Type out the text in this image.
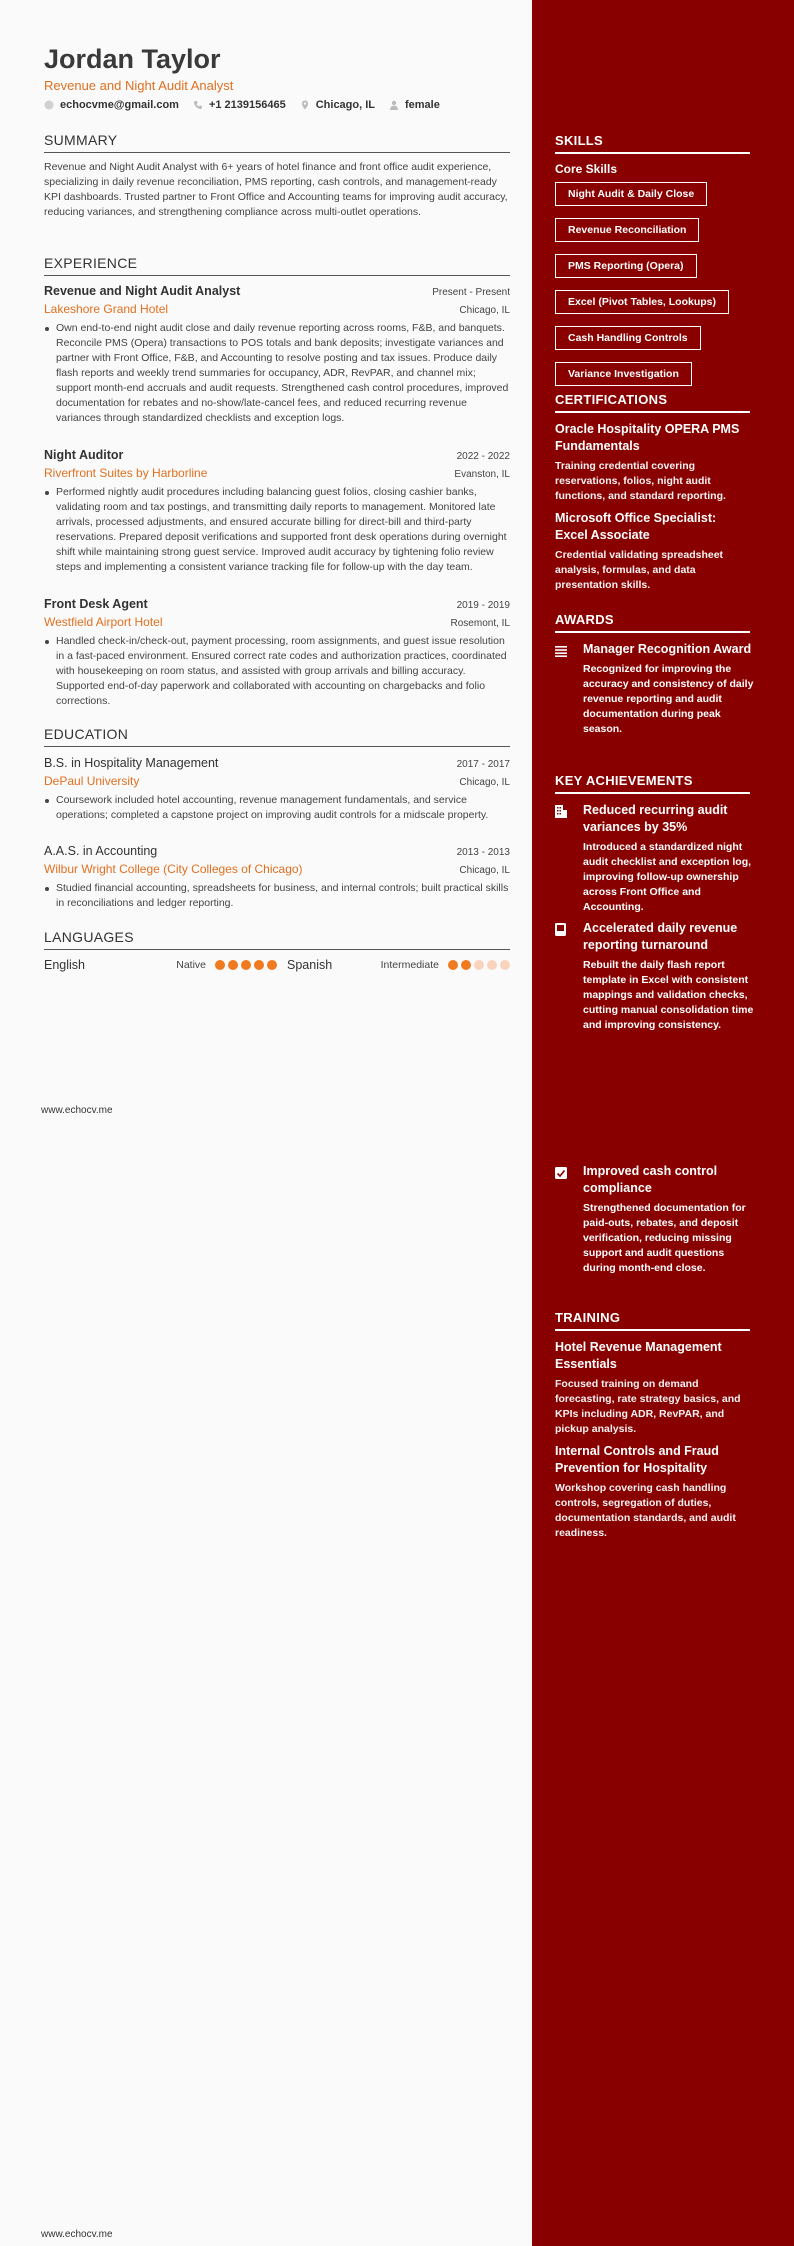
Jordan Taylor
Revenue and Night Audit Analyst
echocvme@gmail.com	+1 2139156465	Chicago, IL	female
SUMMARY
Revenue and Night Audit Analyst with 6+ years of hotel finance and front office audit experience, specializing in daily revenue reconciliation, PMS reporting, cash controls, and management-ready KPI dashboards. Trusted partner to Front Office and Accounting teams for improving audit accuracy, reducing variances, and strengthening compliance across multi-outlet operations.
EXPERIENCE
Revenue and Night Audit Analyst	Present - Present
Lakeshore Grand Hotel	Chicago, IL
Own end-to-end night audit close and daily revenue reporting across rooms, F&B, and banquets. Reconcile PMS (Opera) transactions to POS totals and bank deposits; investigate variances and partner with Front Office, F&B, and Accounting to resolve posting and tax issues. Produce daily flash reports and weekly trend summaries for occupancy, ADR, RevPAR, and channel mix; support month-end accruals and audit requests. Strengthened cash control procedures, improved documentation for rebates and no-show/late-cancel fees, and reduced recurring revenue variances through standardized checklists and exception logs.
Night Auditor	2022 - 2022
Riverfront Suites by Harborline	Evanston, IL
Performed nightly audit procedures including balancing guest folios, closing cashier banks, validating room and tax postings, and transmitting daily reports to management. Monitored late arrivals, processed adjustments, and ensured accurate billing for direct-bill and third-party reservations. Prepared deposit verifications and supported front desk operations during overnight shift while maintaining strong guest service. Improved audit accuracy by tightening folio review steps and implementing a consistent variance tracking file for follow-up with the day team.
Front Desk Agent	2019 - 2019
Westfield Airport Hotel	Rosemont, IL
Handled check-in/check-out, payment processing, room assignments, and guest issue resolution in a fast-paced environment. Ensured correct rate codes and authorization practices, coordinated with housekeeping on room status, and assisted with group arrivals and billing accuracy. Supported end-of-day paperwork and collaborated with accounting on chargebacks and folio corrections.
EDUCATION
B.S. in Hospitality Management	2017 - 2017
DePaul University	Chicago, IL
Coursework included hotel accounting, revenue management fundamentals, and service operations; completed a capstone project on improving audit controls for a midscale property.
A.A.S. in Accounting	2013 - 2013
Wilbur Wright College (City Colleges of Chicago)	Chicago, IL
Studied financial accounting, spreadsheets for business, and internal controls; built practical skills in reconciliations and ledger reporting.
LANGUAGES
English	Native	Spanish	Intermediate
www.echocv.me
www.echocv.me
SKILLS
Core Skills
Night Audit & Daily Close
Revenue Reconciliation
PMS Reporting (Opera)
Excel (Pivot Tables, Lookups)
Cash Handling Controls
Variance Investigation
CERTIFICATIONS
Oracle Hospitality OPERA PMS Fundamentals
Training credential covering reservations, folios, night audit functions, and standard reporting.
Microsoft Office Specialist: Excel Associate
Credential validating spreadsheet analysis, formulas, and data presentation skills.
AWARDS
Manager Recognition Award
Recognized for improving the accuracy and consistency of daily revenue reporting and audit documentation during peak season.
KEY ACHIEVEMENTS
Reduced recurring audit variances by 35%
Introduced a standardized night audit checklist and exception log, improving follow-up ownership across Front Office and Accounting.
Accelerated daily revenue reporting turnaround
Rebuilt the daily flash report template in Excel with consistent mappings and validation checks, cutting manual consolidation time and improving consistency.
Improved cash control compliance
Strengthened documentation for paid-outs, rebates, and deposit verification, reducing missing support and audit questions during month-end close.
TRAINING
Hotel Revenue Management Essentials
Focused training on demand forecasting, rate strategy basics, and KPIs including ADR, RevPAR, and pickup analysis.
Internal Controls and Fraud Prevention for Hospitality
Workshop covering cash handling controls, segregation of duties, documentation standards, and audit readiness.
